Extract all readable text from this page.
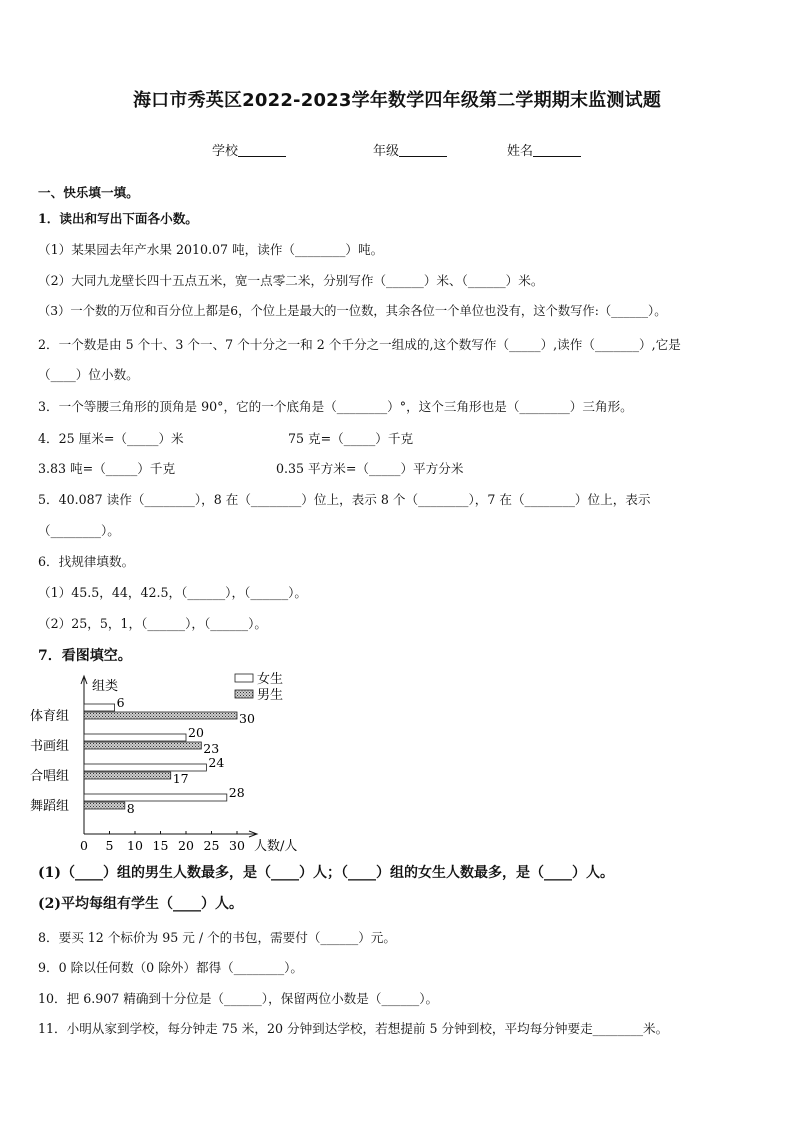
海口市秀英区2022-2023学年数学四年级第二学期期末监测试题
学校	年级	姓名
一、快乐填一填。
1．读出和写出下面各小数。
（1）某果园去年产水果 2010.07 吨，读作（________）吨。
（2）大同九龙壁长四十五点五米，宽一点零二米，分别写作（______）米、（______）米。
（3）一个数的万位和百分位上都是6，个位上是最大的一位数，其余各位一个单位也没有，这个数写作:（______）。
2．一个数是由 5 个十、3 个一、7 个十分之一和 2 个千分之一组成的,这个数写作（_____）,读作（_______）,它是
（____）位小数。
3．一个等腰三角形的顶角是 90°，它的一个底角是（________）°，这个三角形也是（________）三角形。
4．25 厘米=（_____）米	75 克=（_____）千克
3.83 吨=（_____）千克	0.35 平方米=（_____）平方分米
5．40.087 读作（________），8 在（________）位上，表示 8 个（________），7 在（________）位上，表示
（________）。
6．找规律填数。
（1）45.5，44，42.5，（______），（______）。
（2）25，5，1，（______），（______）。
7．看图填空。
组类
人数/人
0 5 10 15 20 25 30
体育组
6
30
书画组
20
23
合唱组
24
17
舞蹈组
28
8
女生
男生
(1)（____）组的男生人数最多，是（____）人；（____）组的女生人数最多，是（____）人。
(2)平均每组有学生（____）人。
8．要买 12 个标价为 95 元 / 个的书包，需要付（______）元。
9．0 除以任何数（0 除外）都得（________）。
10．把 6.907 精确到十分位是（______），保留两位小数是（______）。
11．小明从家到学校，每分钟走 75 米，20 分钟到达学校，若想提前 5 分钟到校，平均每分钟要走________米。
